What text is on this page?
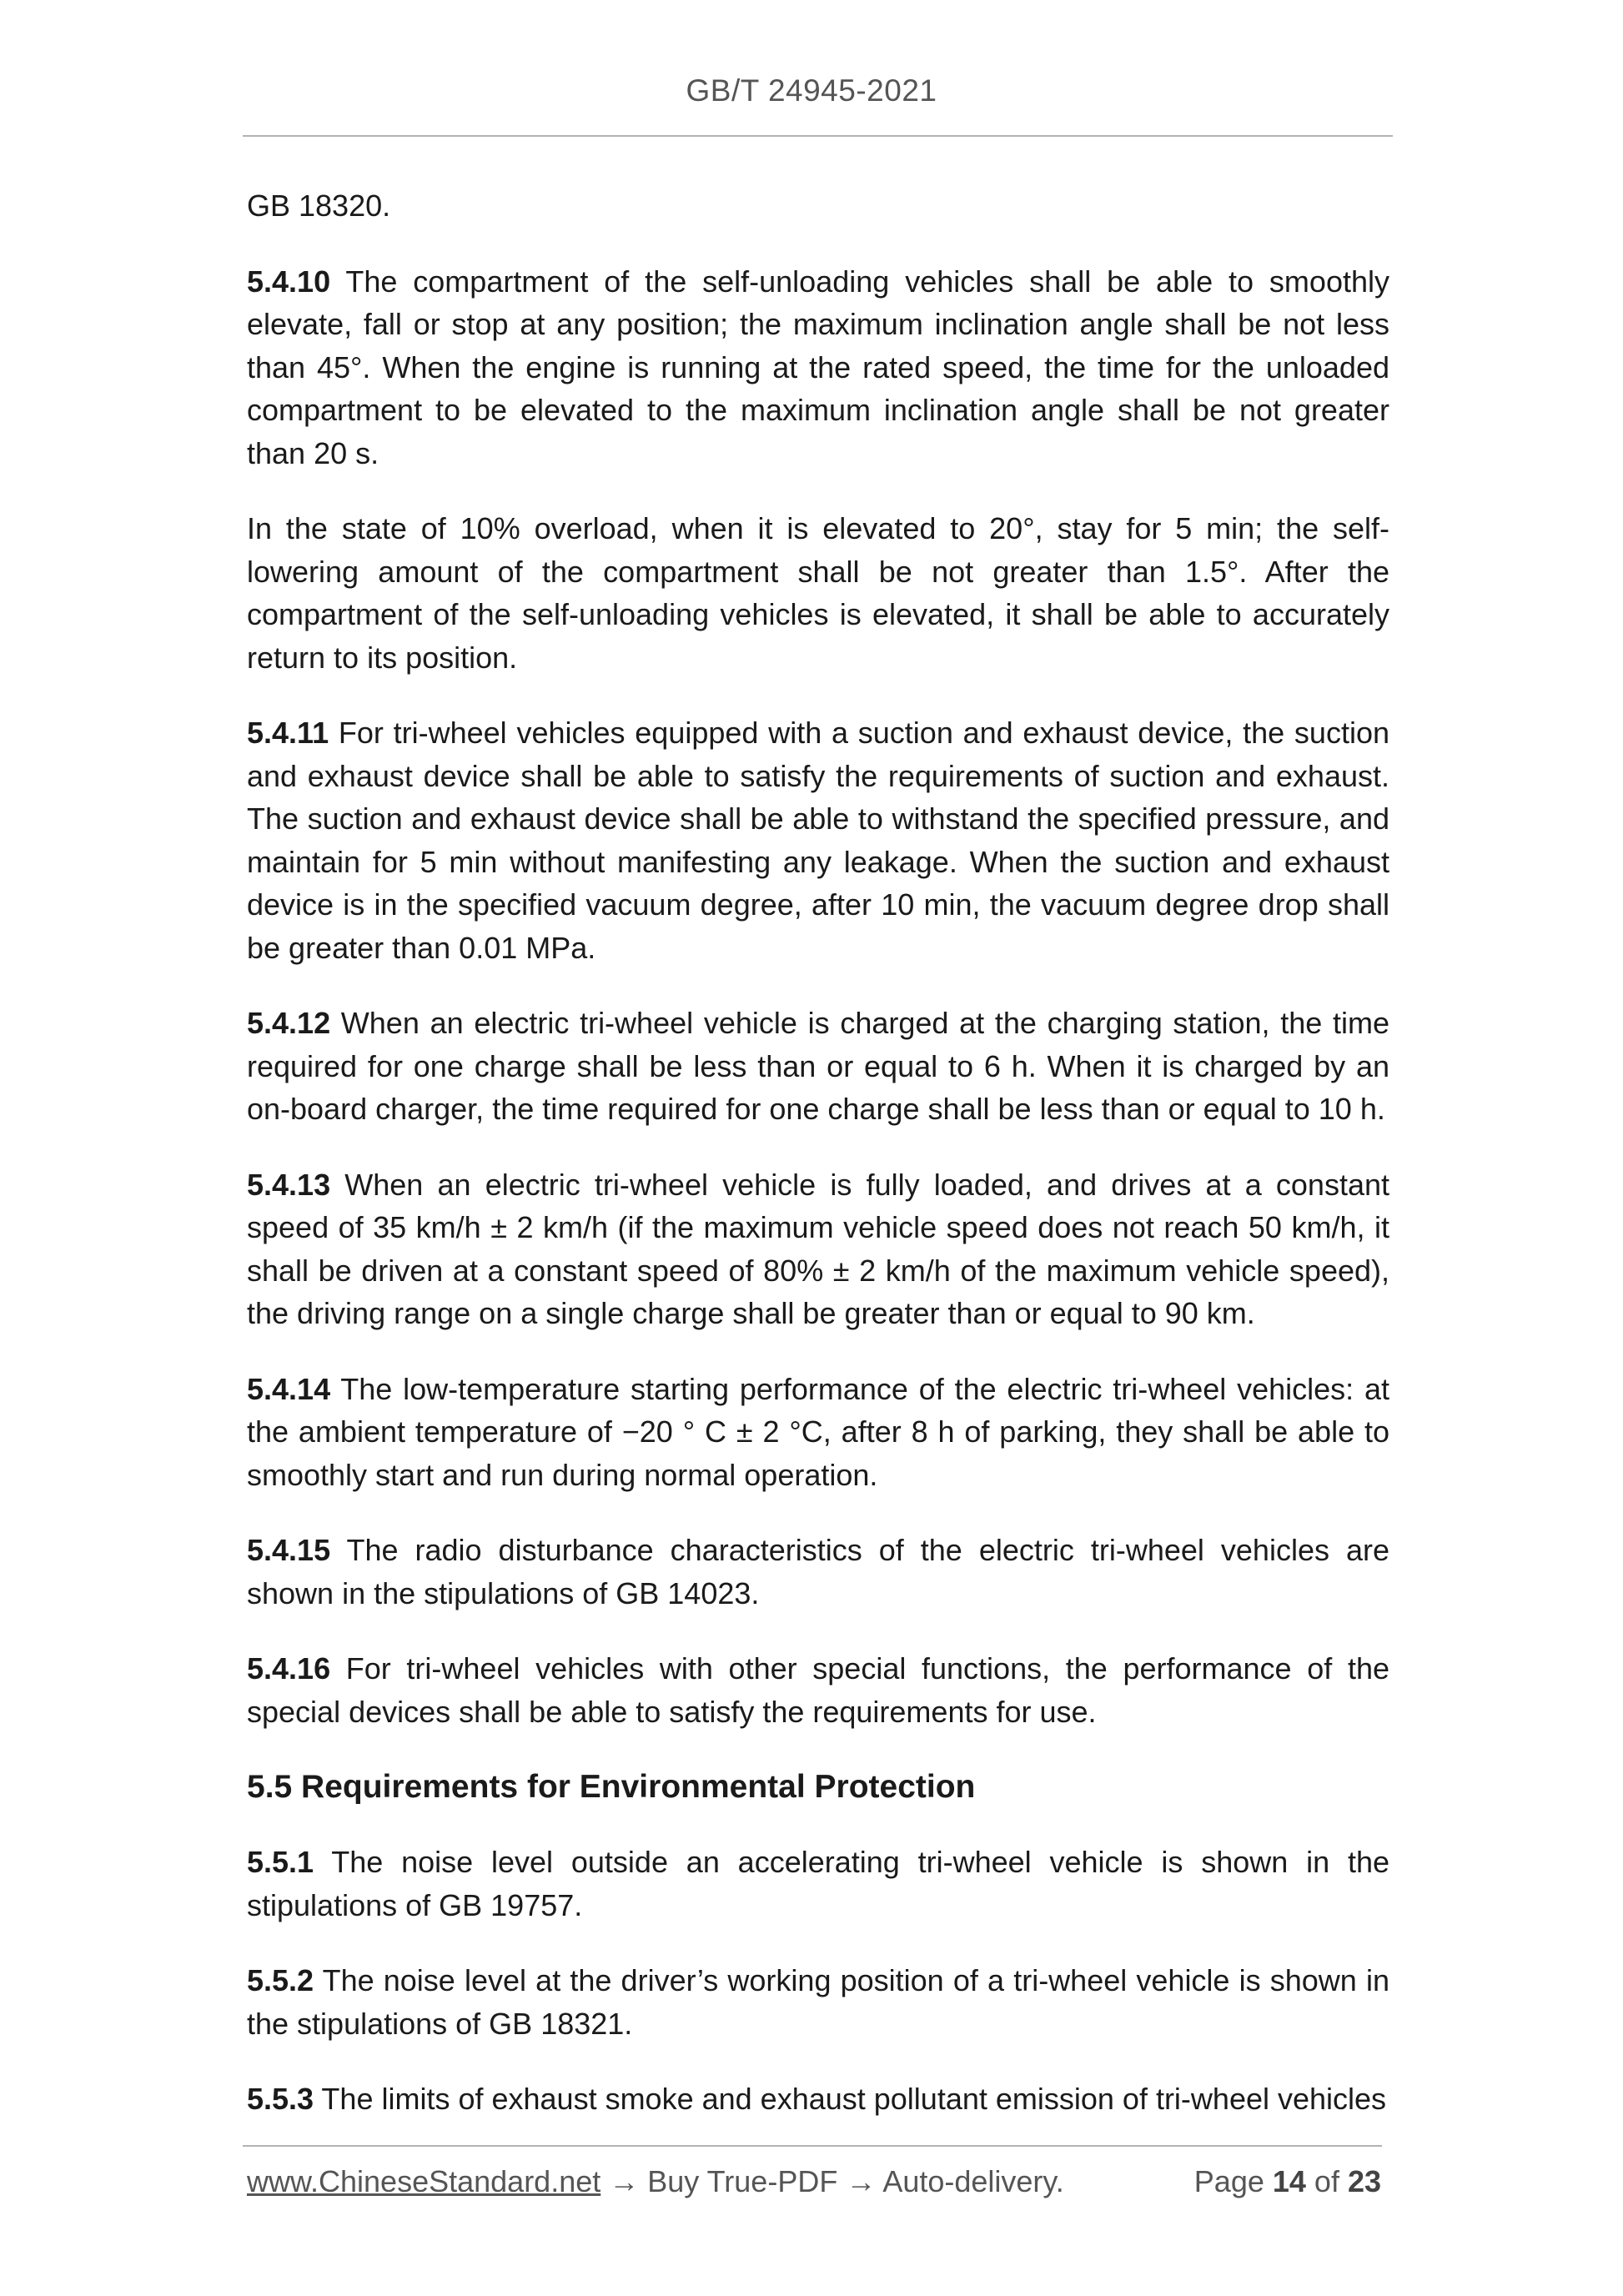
GB/T 24945-2021

GB 18320.

5.4.10 The compartment of the self-unloading vehicles shall be able to smoothly elevate, fall or stop at any position; the maximum inclination angle shall be not less than 45°. When the engine is running at the rated speed, the time for the unloaded compartment to be elevated to the maximum inclination angle shall be not greater than 20 s.

In the state of 10% overload, when it is elevated to 20°, stay for 5 min; the self-lowering amount of the compartment shall be not greater than 1.5°. After the compartment of the self-unloading vehicles is elevated, it shall be able to accurately return to its position.

5.4.11 For tri-wheel vehicles equipped with a suction and exhaust device, the suction and exhaust device shall be able to satisfy the requirements of suction and exhaust. The suction and exhaust device shall be able to withstand the specified pressure, and maintain for 5 min without manifesting any leakage. When the suction and exhaust device is in the specified vacuum degree, after 10 min, the vacuum degree drop shall be greater than 0.01 MPa.

5.4.12 When an electric tri-wheel vehicle is charged at the charging station, the time required for one charge shall be less than or equal to 6 h. When it is charged by an on-board charger, the time required for one charge shall be less than or equal to 10 h.

5.4.13 When an electric tri-wheel vehicle is fully loaded, and drives at a constant speed of 35 km/h ± 2 km/h (if the maximum vehicle speed does not reach 50 km/h, it shall be driven at a constant speed of 80% ± 2 km/h of the maximum vehicle speed), the driving range on a single charge shall be greater than or equal to 90 km.

5.4.14 The low-temperature starting performance of the electric tri-wheel vehicles: at the ambient temperature of −20 ° C ± 2 °C, after 8 h of parking, they shall be able to smoothly start and run during normal operation.

5.4.15 The radio disturbance characteristics of the electric tri-wheel vehicles are shown in the stipulations of GB 14023.

5.4.16 For tri-wheel vehicles with other special functions, the performance of the special devices shall be able to satisfy the requirements for use.

5.5 Requirements for Environmental Protection

5.5.1 The noise level outside an accelerating tri-wheel vehicle is shown in the stipulations of GB 19757.

5.5.2 The noise level at the driver’s working position of a tri-wheel vehicle is shown in the stipulations of GB 18321.

5.5.3 The limits of exhaust smoke and exhaust pollutant emission of tri-wheel vehicles

www.ChineseStandard.net → Buy True-PDF → Auto-delivery.	Page 14 of 23
